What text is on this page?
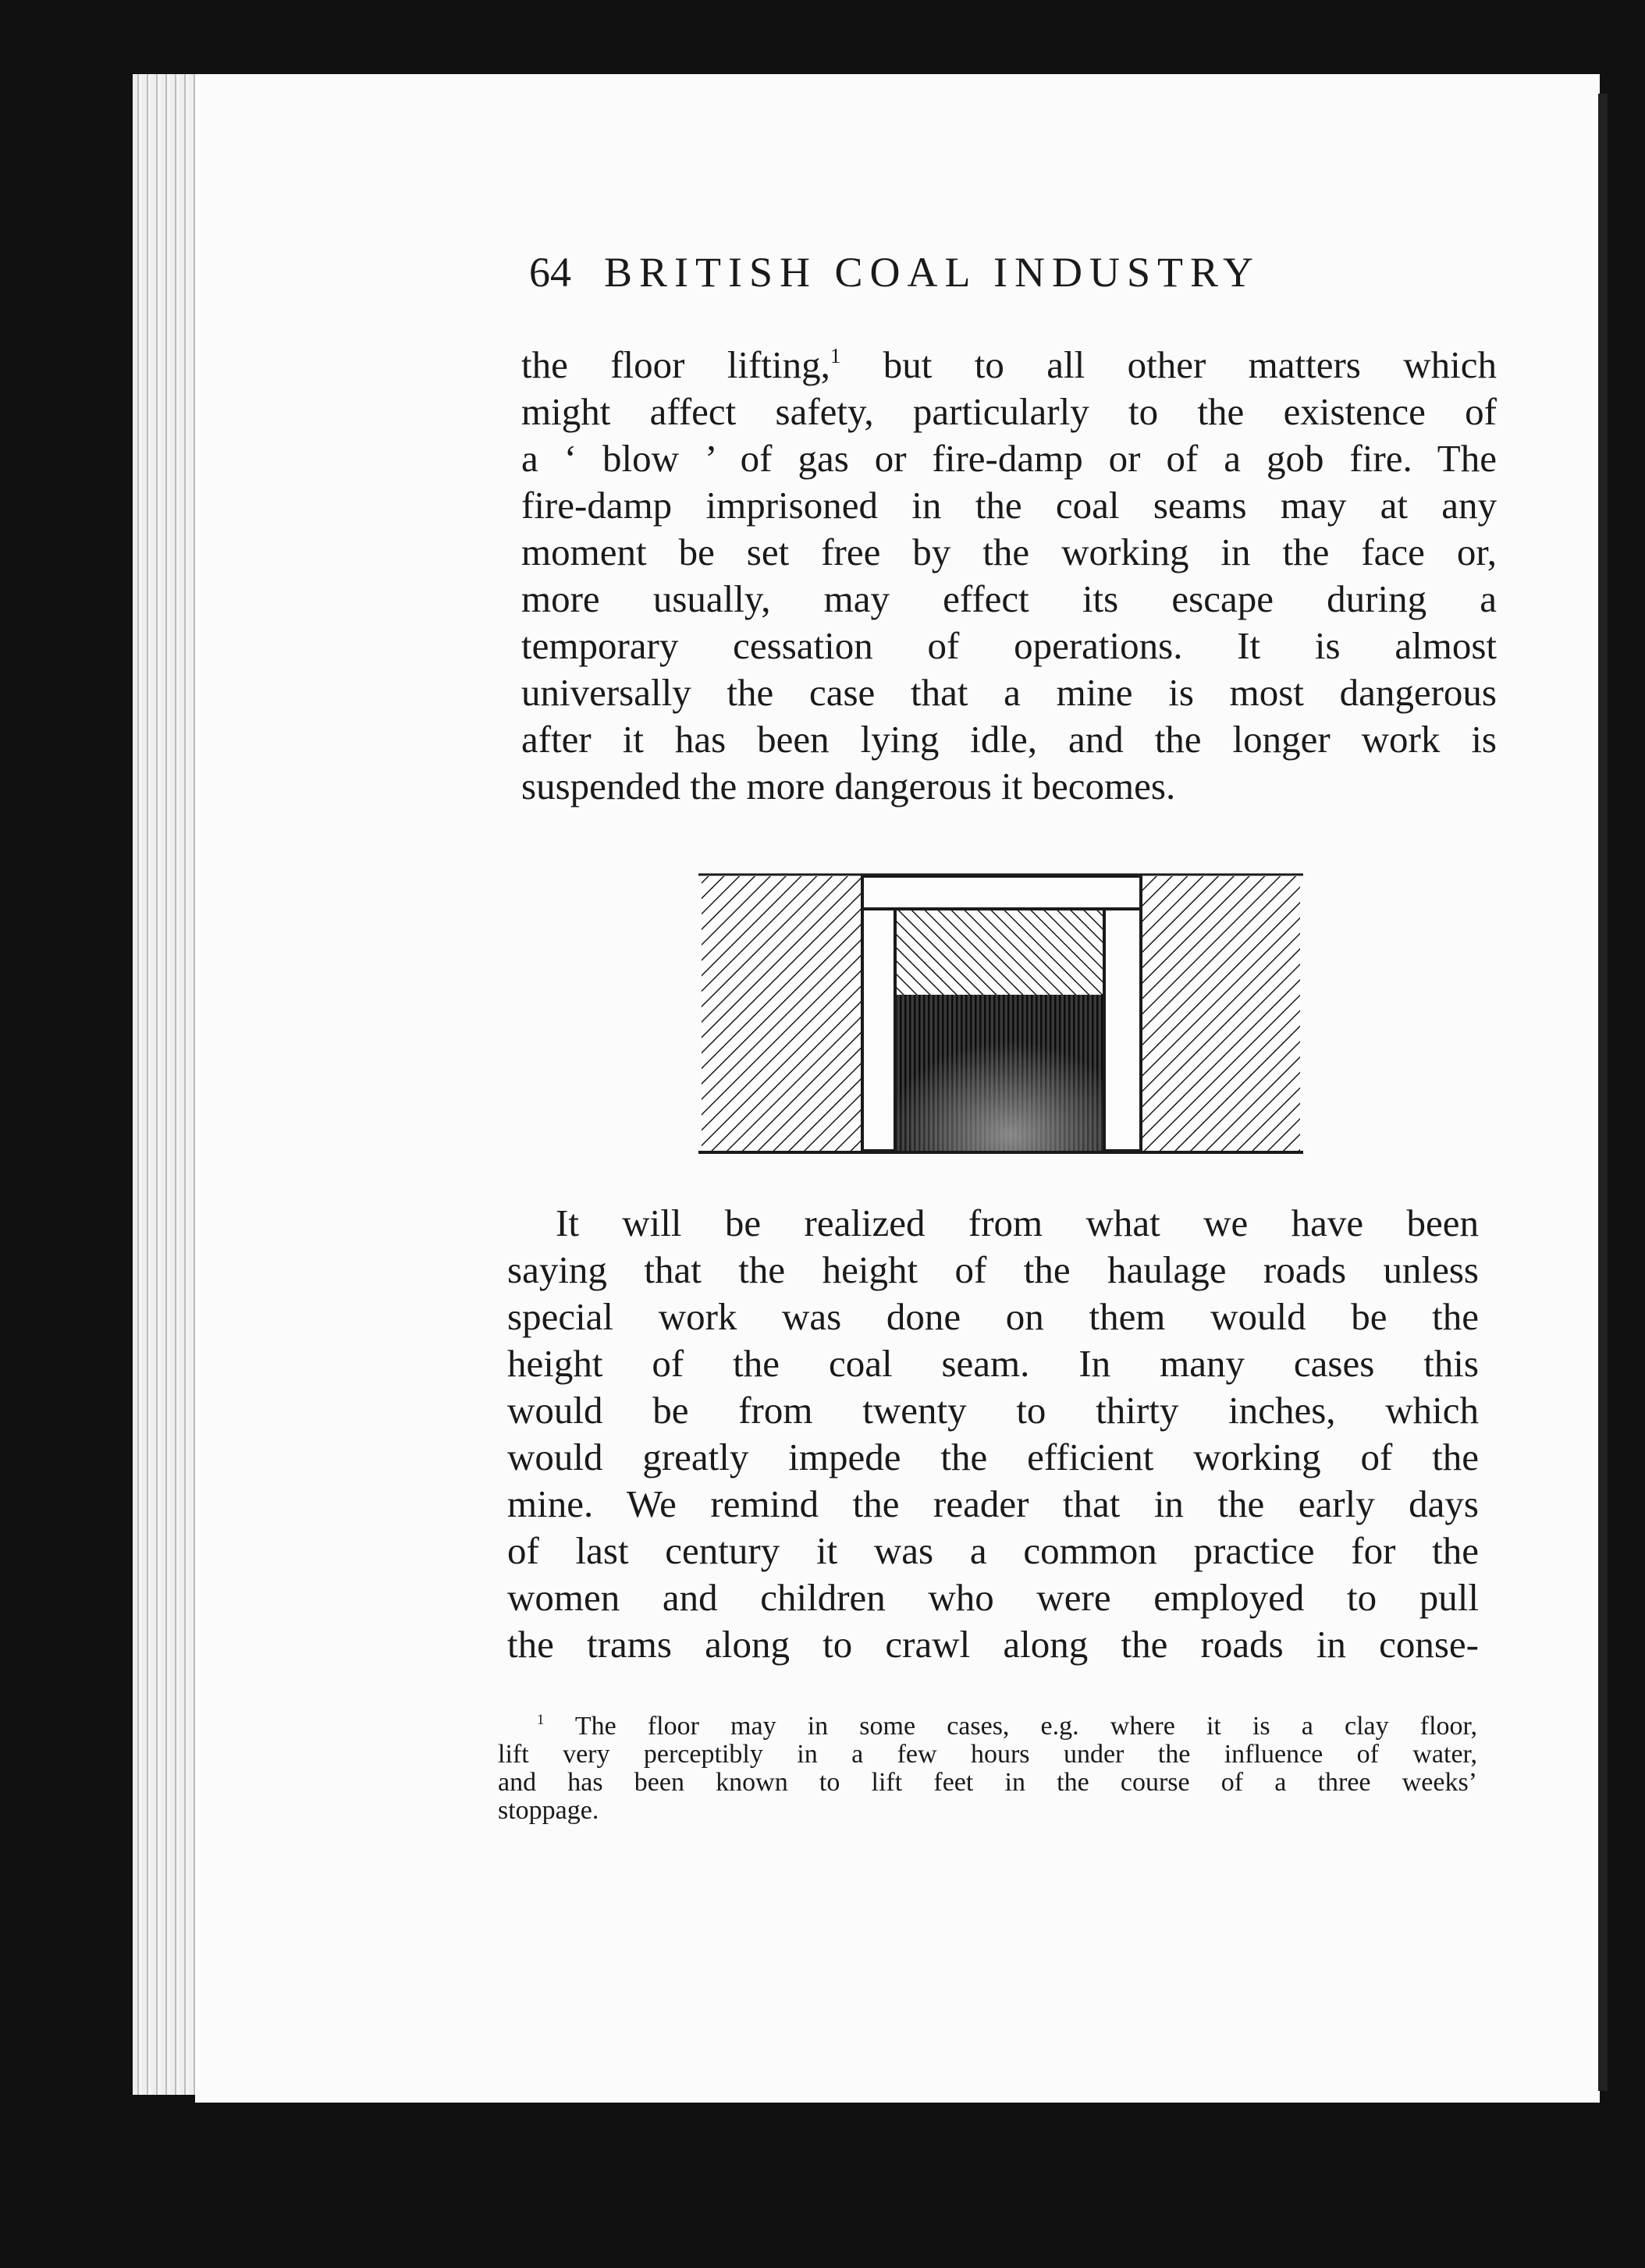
64 BRITISH COAL INDUSTRY
the floor lifting,$^1$ but to all other matters which
might affect safety, particularly to the existence of
a ‘ blow ’ of gas or fire-damp or of a gob fire. The
fire-damp imprisoned in the coal seams may at any
moment be set free by the working in the face or,
more usually, may effect its escape during a
temporary cessation of operations. It is almost
universally the case that a mine is most dangerous
after it has been lying idle, and the longer work is
suspended the more dangerous it becomes.
It will be realized from what we have been
saying that the height of the haulage roads unless
special work was done on them would be the
height of the coal seam. In many cases this
would be from twenty to thirty inches, which
would greatly impede the efficient working of the
mine. We remind the reader that in the early days
of last century it was a common practice for the
women and children who were employed to pull
the trams along to crawl along the roads in conse-
$^1$ The floor may in some cases, e.g. where it is a clay floor,
lift very perceptibly in a few hours under the influence of water,
and has been known to lift feet in the course of a three weeks’
stoppage.
